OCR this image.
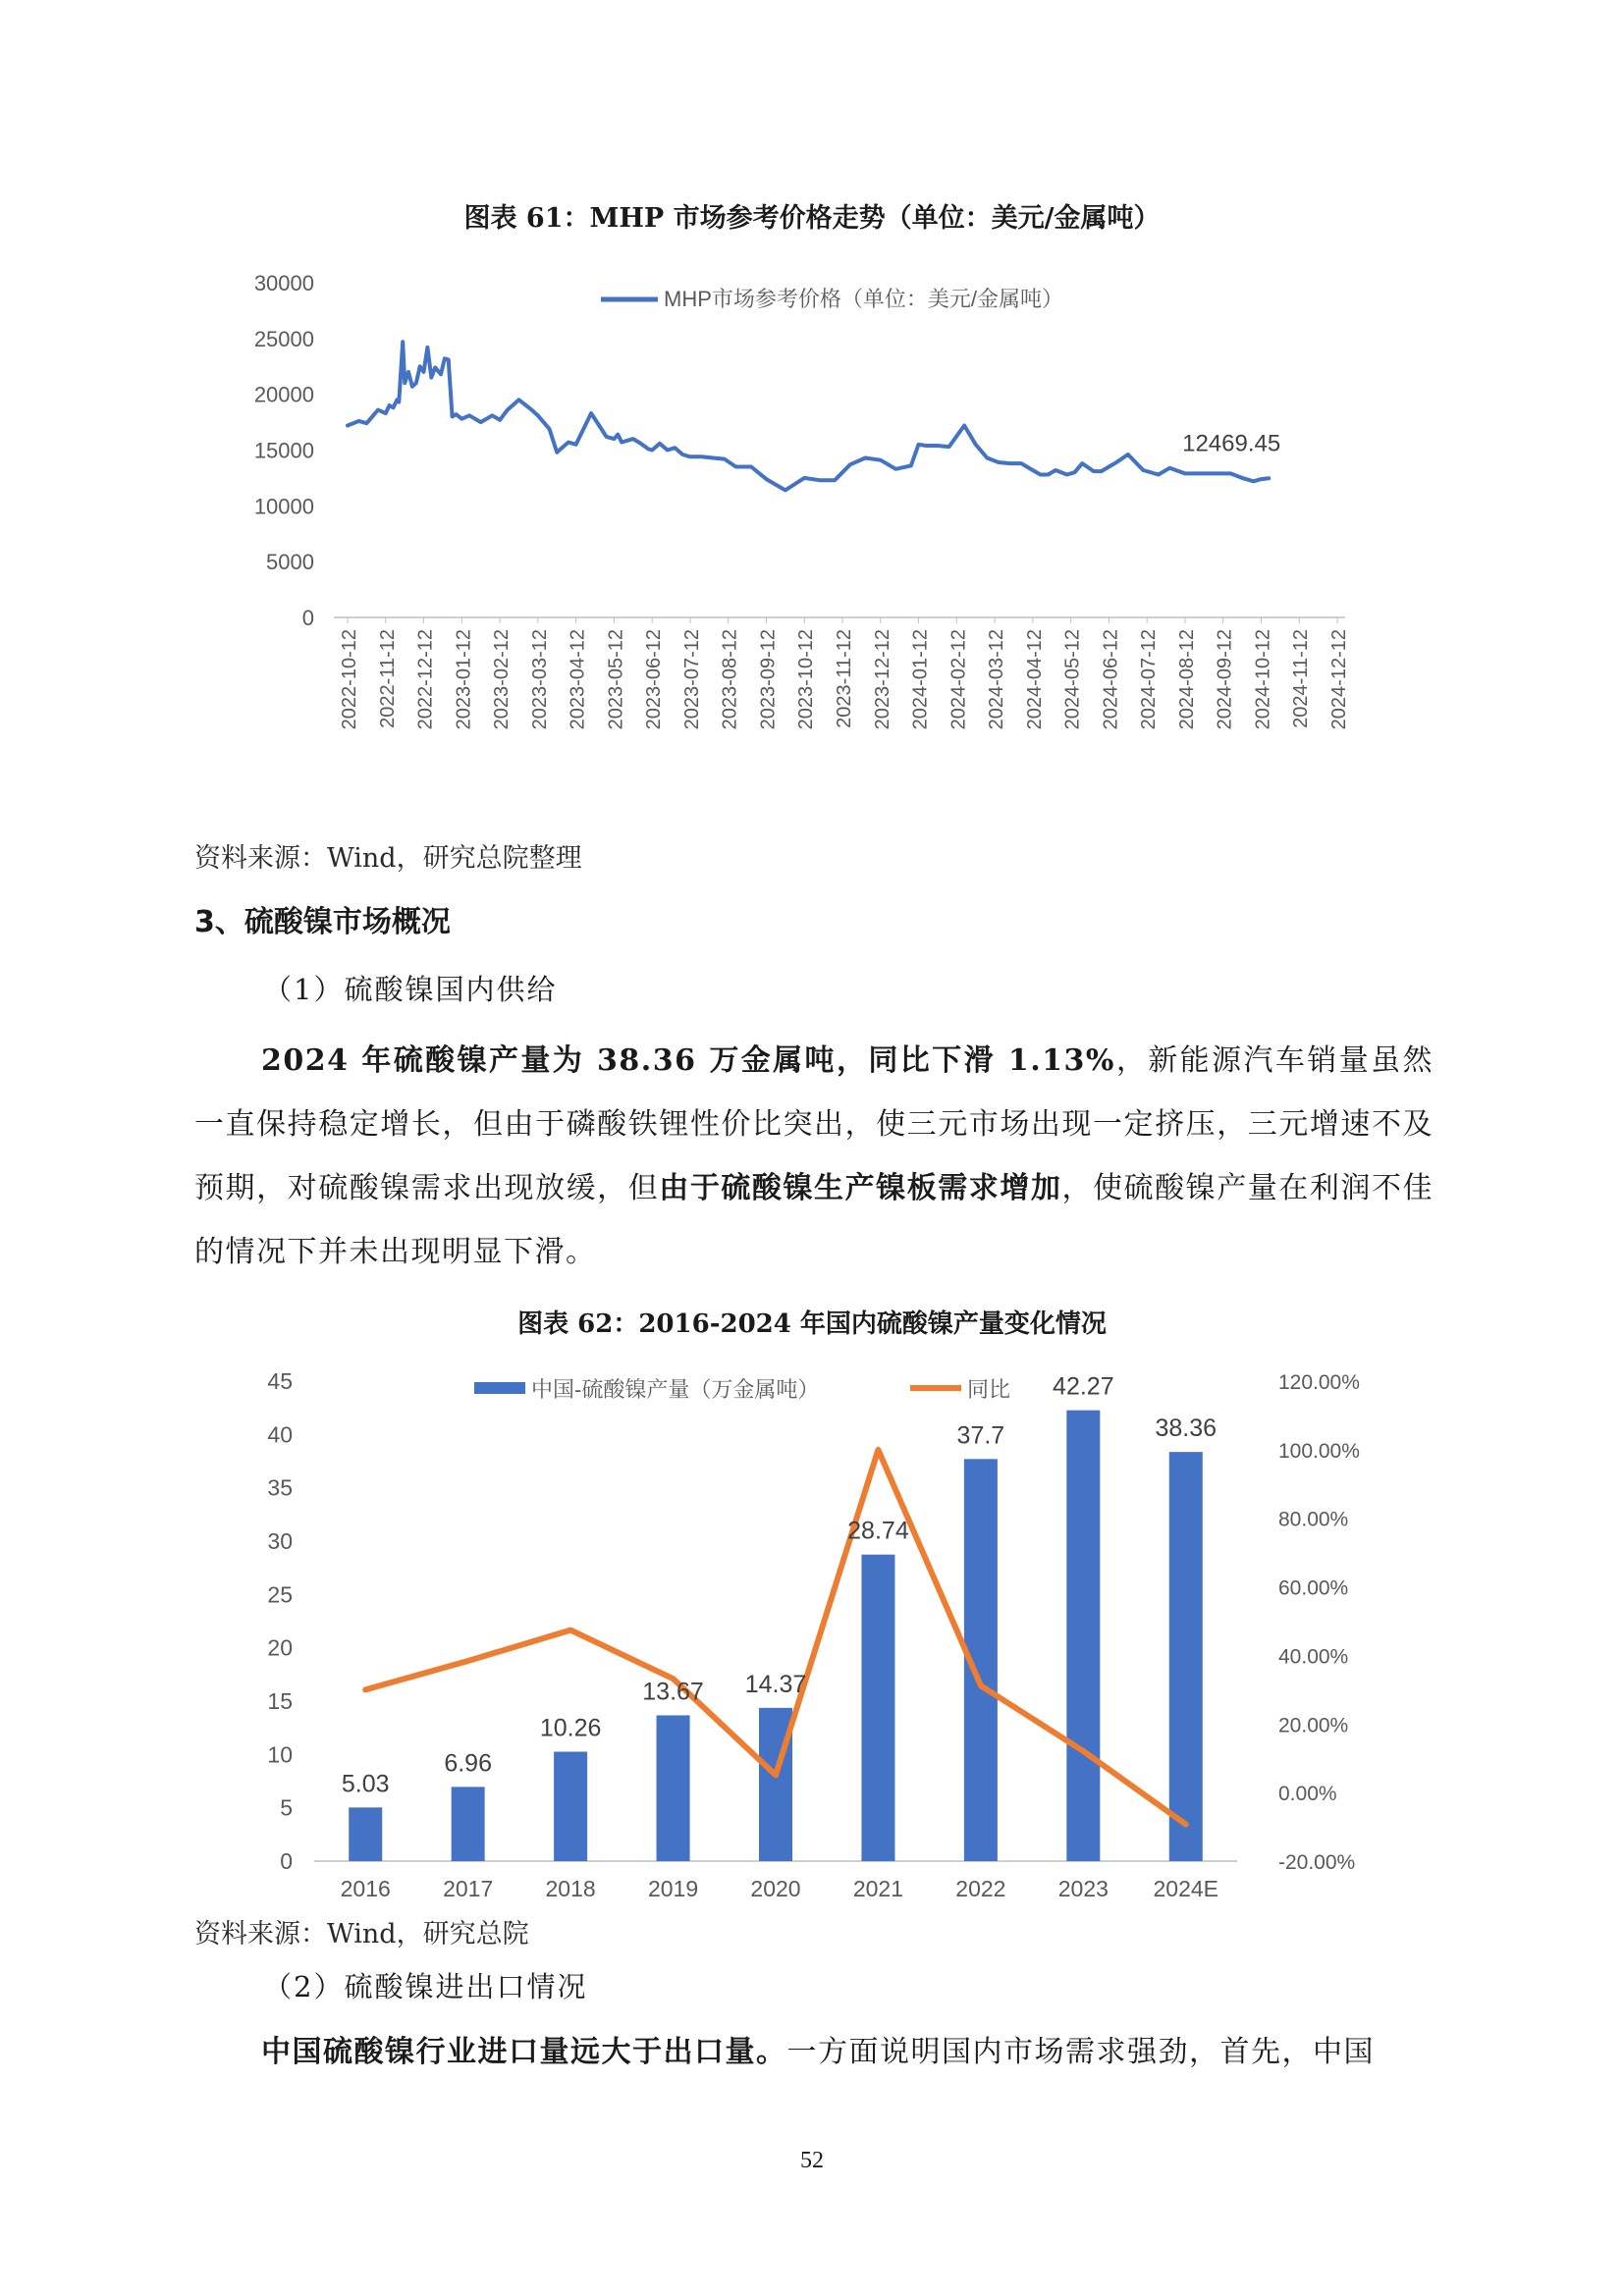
图表 61：MHP 市场参考价格走势（单位：美元/金属吨）
0
5000
10000
15000
20000
25000
30000
2022-10-12 2022-11-12 2022-12-12 2023-01-12 2023-02-12 2023-03-12 2023-04-12 2023-05-12 2023-06-12 2023-07-12 2023-08-12 2023-09-12 2023-10-12 2023-11-12 2023-12-12 2024-01-12 2024-02-12 2024-03-12 2024-04-12 2024-05-12 2024-06-12 2024-07-12 2024-08-12 2024-09-12 2024-10-12 2024-11-12 2024-12-12
MHP市场参考价格（单位：美元/金属吨）
12469.45
资料来源：Wind，研究总院整理
3、硫酸镍市场概况
（1）硫酸镍国内供给
2024 年硫酸镍产量为 38.36 万金属吨，同比下滑 1.13%，新能源汽车销量虽然一直保持稳定增长，但由于磷酸铁锂性价比突出，使三元市场出现一定挤压，三元增速不及预期，对硫酸镍需求出现放缓，但由于硫酸镍生产镍板需求增加，使硫酸镍产量在利润不佳的情况下并未出现明显下滑。
图表 62：2016-2024 年国内硫酸镍产量变化情况
0
5
10
15
20
25
30
35
40
45
-20.00%
0.00%
20.00%
40.00%
60.00%
80.00%
100.00%
120.00%
2016 2017 2018 2019 2020 2021 2022 2023 2024E
5.03
6.96
10.26
13.67 14.37
28.74
37.7
42.27
38.36
中国-硫酸镍产量（万金属吨）	同比
资料来源：Wind，研究总院
（2）硫酸镍进出口情况
中国硫酸镍行业进口量远大于出口量。一方面说明国内市场需求强劲，首先，中国
52
